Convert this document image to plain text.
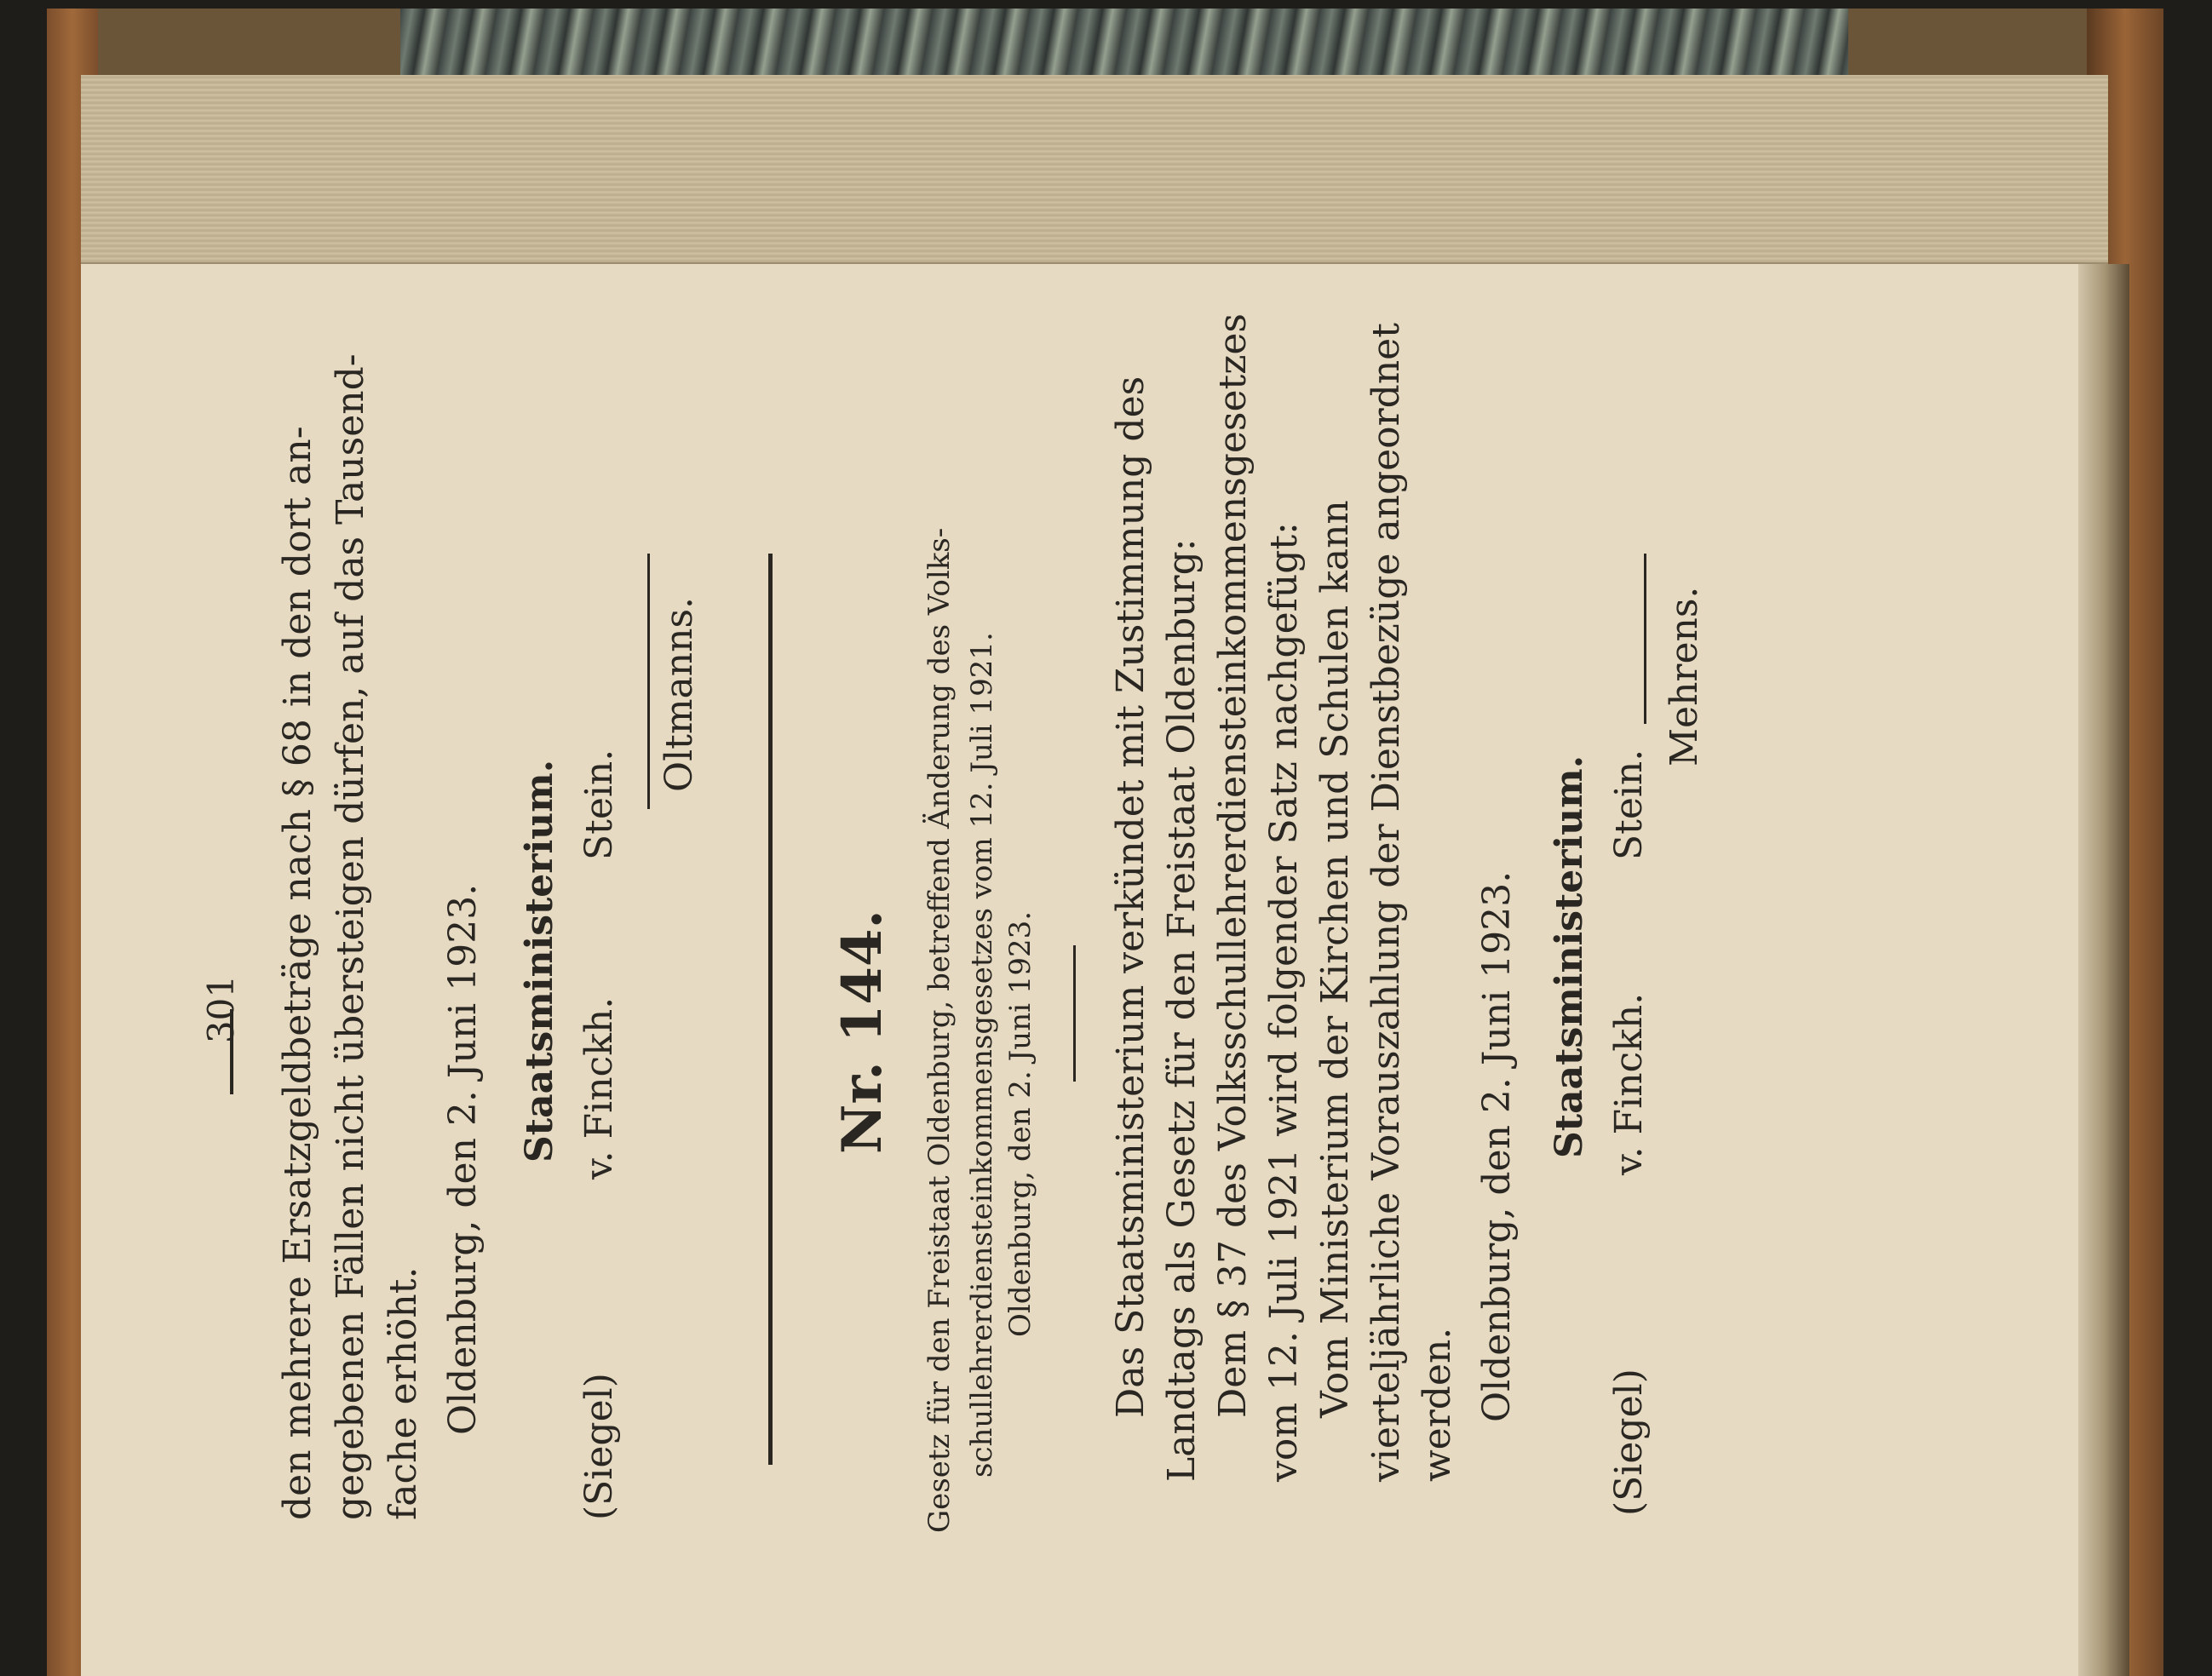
301 den mehrere Ersatzgeldbeträge nach § 68 in den dort an- gegebenen Fällen nicht übersteigen dürfen, auf das Tausend- fache erhöht. Oldenburg, den 2. Juni 1923. Staatsministerium.
(Siegel)
v. Finckh.
Stein.
Oltmanns.
Nr. 144. Gesetz für den Freistaat Oldenburg, betreffend Änderung des Volks- schullehrerdiensteinkommensgesetzes vom 12. Juli 1921. Oldenburg, den 2. Juni 1923. Das Staatsministerium verkündet mit Zustimmung des Landtags als Gesetz für den Freistaat Oldenburg: Dem § 37 des Volksschullehrerdiensteinkommensgesetzes vom 12. Juli 1921 wird folgender Satz nachgefügt: Vom Ministerium der Kirchen und Schulen kann vierteljährliche Vorauszahlung der Dienstbezüge angeordnet werden. Oldenburg, den 2. Juni 1923. Staatsministerium.
(Siegel)
v. Finckh.
Stein.
Mehrens.
